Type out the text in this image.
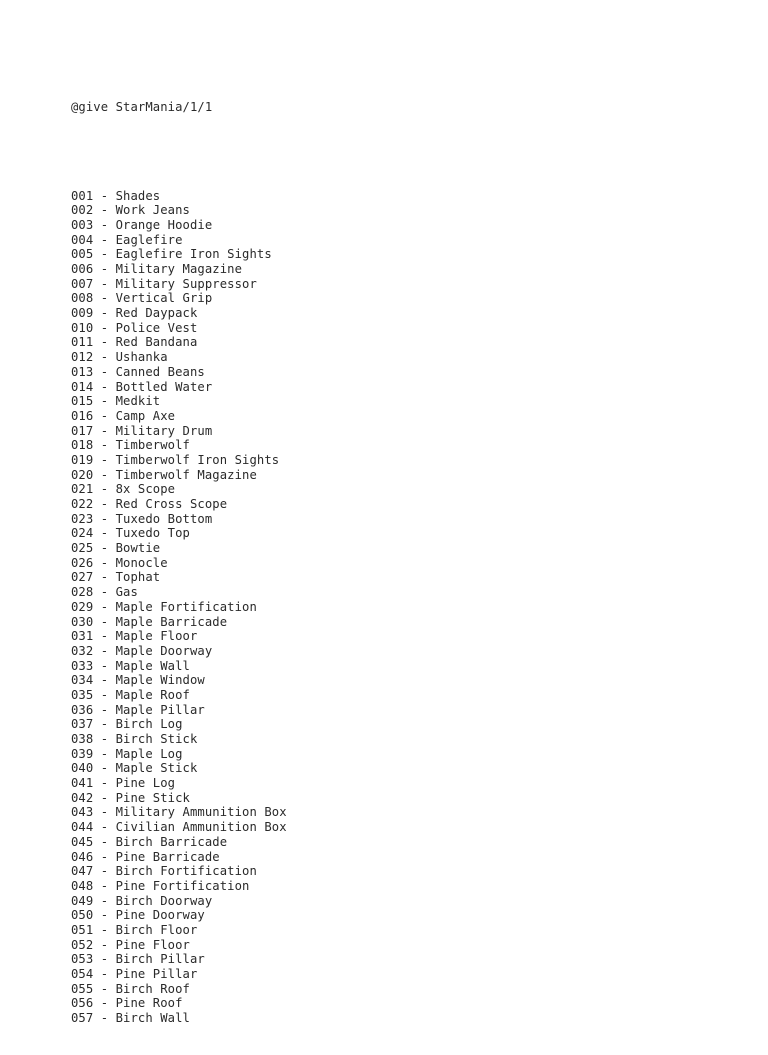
@give StarMania/1/1

001 - Shades
002 - Work Jeans
003 - Orange Hoodie
004 - Eaglefire
005 - Eaglefire Iron Sights
006 - Military Magazine
007 - Military Suppressor
008 - Vertical Grip
009 - Red Daypack
010 - Police Vest
011 - Red Bandana
012 - Ushanka
013 - Canned Beans
014 - Bottled Water
015 - Medkit
016 - Camp Axe
017 - Military Drum
018 - Timberwolf
019 - Timberwolf Iron Sights
020 - Timberwolf Magazine
021 - 8x Scope
022 - Red Cross Scope
023 - Tuxedo Bottom
024 - Tuxedo Top
025 - Bowtie
026 - Monocle
027 - Tophat
028 - Gas
029 - Maple Fortification
030 - Maple Barricade
031 - Maple Floor
032 - Maple Doorway
033 - Maple Wall
034 - Maple Window
035 - Maple Roof
036 - Maple Pillar
037 - Birch Log
038 - Birch Stick
039 - Maple Log
040 - Maple Stick
041 - Pine Log
042 - Pine Stick
043 - Military Ammunition Box
044 - Civilian Ammunition Box
045 - Birch Barricade
046 - Pine Barricade
047 - Birch Fortification
048 - Pine Fortification
049 - Birch Doorway
050 - Pine Doorway
051 - Birch Floor
052 - Pine Floor
053 - Birch Pillar
054 - Pine Pillar
055 - Birch Roof
056 - Pine Roof
057 - Birch Wall
